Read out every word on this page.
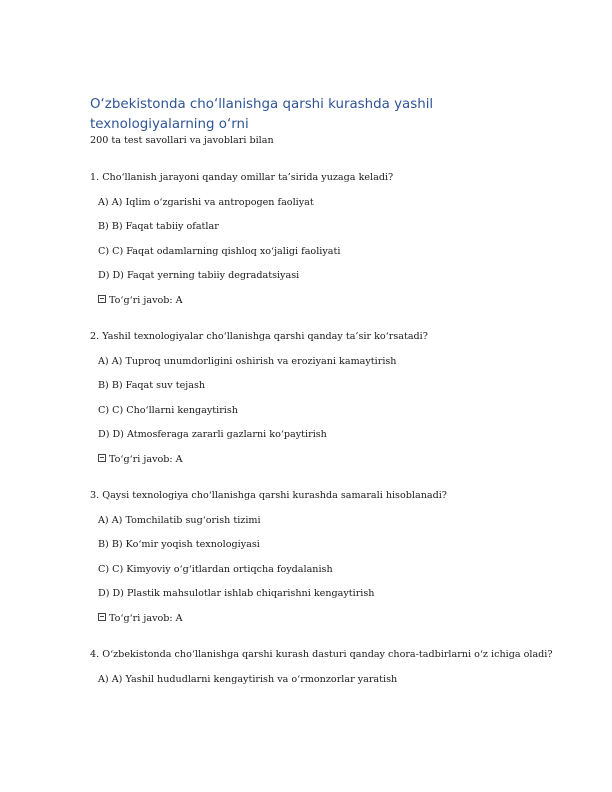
O‘zbekistonda cho‘llanishga qarshi kurashda yashil texnologiyalarning o‘rni

200 ta test savollari va javoblari bilan

1. Cho‘llanish jarayoni qanday omillar ta’sirida yuzaga keladi?

A) A) Iqlim o‘zgarishi va antropogen faoliyat

B) B) Faqat tabiiy ofatlar

C) C) Faqat odamlarning qishloq xo‘jaligi faoliyati

D) D) Faqat yerning tabiiy degradatsiyasi

To‘g‘ri javob: A

2. Yashil texnologiyalar cho‘llanishga qarshi qanday ta’sir ko‘rsatadi?

A) A) Tuproq unumdorligini oshirish va eroziyani kamaytirish

B) B) Faqat suv tejash

C) C) Cho‘llarni kengaytirish

D) D) Atmosferaga zararli gazlarni ko‘paytirish

To‘g‘ri javob: A

3. Qaysi texnologiya cho‘llanishga qarshi kurashda samarali hisoblanadi?

A) A) Tomchilatib sug‘orish tizimi

B) B) Ko‘mir yoqish texnologiyasi

C) C) Kimyoviy o‘g‘itlardan ortiqcha foydalanish

D) D) Plastik mahsulotlar ishlab chiqarishni kengaytirish

To‘g‘ri javob: A

4. O‘zbekistonda cho‘llanishga qarshi kurash dasturi qanday chora-tadbirlarni o‘z ichiga oladi?

A) A) Yashil hududlarni kengaytirish va o‘rmonzorlar yaratish
